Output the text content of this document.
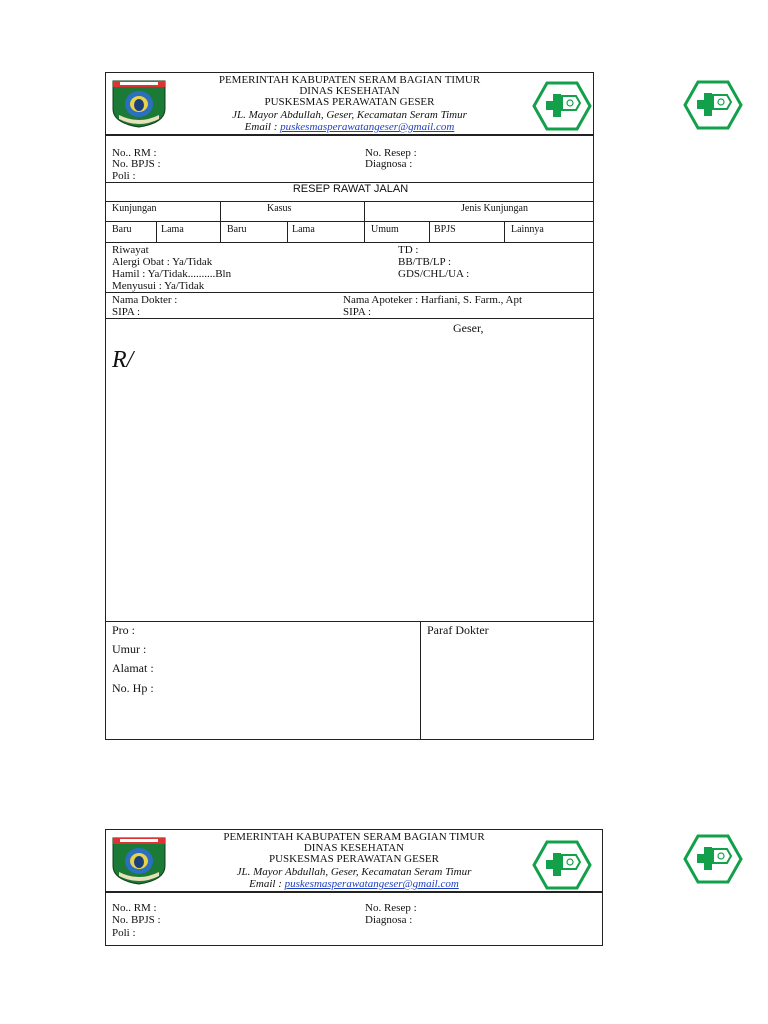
PEMERINTAH KABUPATEN SERAM BAGIAN TIMUR
DINAS KESEHATAN
PUSKESMAS PERAWATAN GESER
JL. Mayor Abdullah, Geser, Kecamatan Seram Timur
Email : puskesmasperawatangeser@gmail.com
No.. RM :
No. BPJS :
Poli :
No. Resep :
Diagnosa :
RESEP RAWAT JALAN
Kunjungan	Kasus	Jenis Kunjungan
Baru	Lama	Baru	Lama	Umum	BPJS	Lainnya
Riwayat
Alergi Obat : Ya/Tidak
Hamil : Ya/Tidak..........Bln
Menyusui : Ya/Tidak
TD :
BB/TB/LP :
GDS/CHL/UA :
Nama Dokter :
SIPA :
Nama Apoteker : Harfiani, S. Farm., Apt
SIPA :
Geser,
R/
Pro :
Umur :
Alamat :
No. Hp :
Paraf Dokter
PEMERINTAH KABUPATEN SERAM BAGIAN TIMUR
DINAS KESEHATAN
PUSKESMAS PERAWATAN GESER
JL. Mayor Abdullah, Geser, Kecamatan Seram Timur
Email : puskesmasperawatangeser@gmail.com
No.. RM :
No. BPJS :
Poli :
No. Resep :
Diagnosa :
